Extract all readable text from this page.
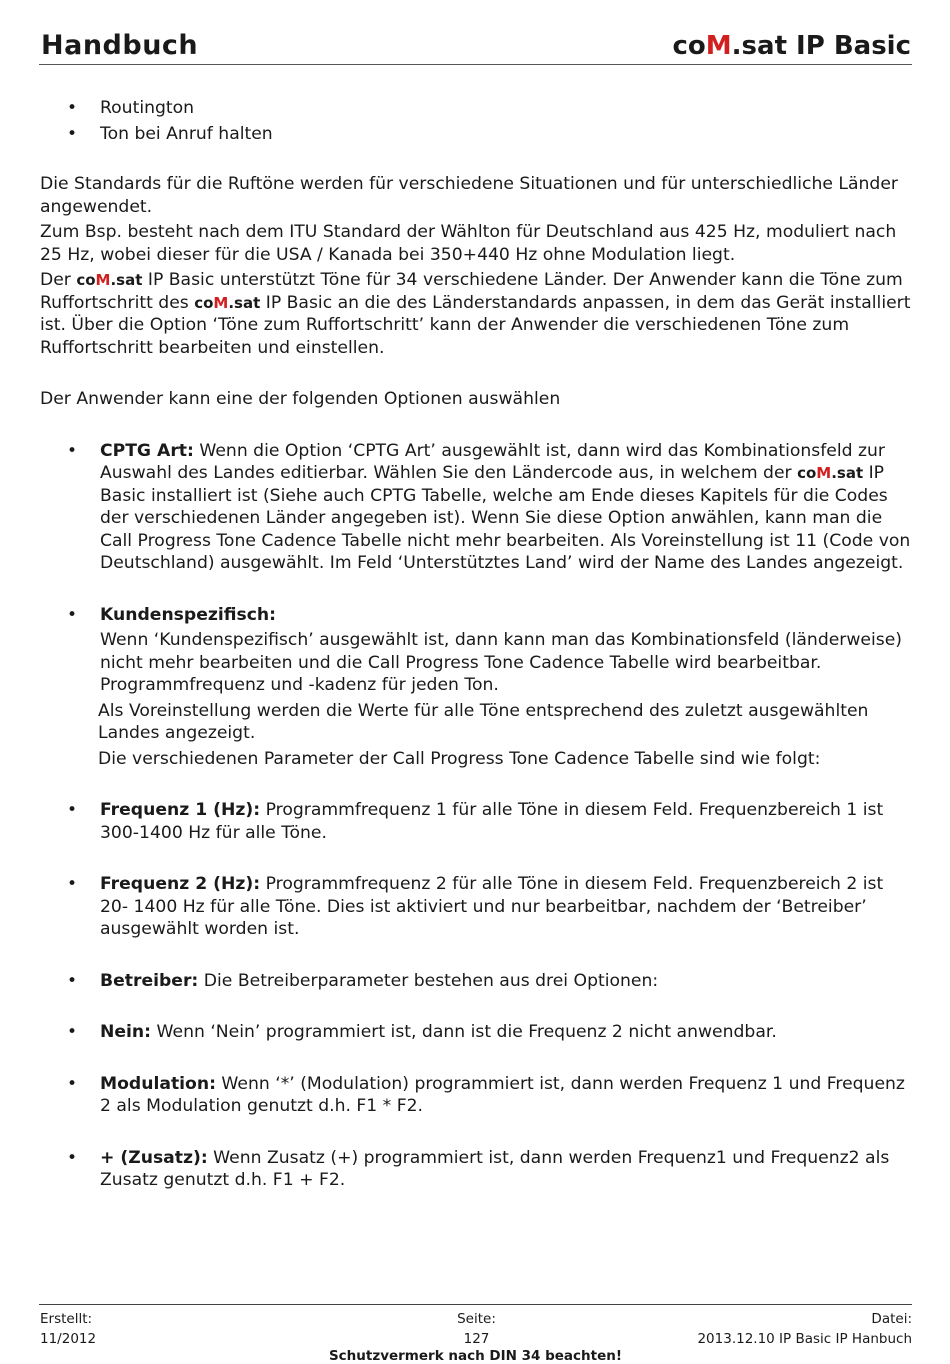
Handbuch	coM.sat IP Basic
• Routington
• Ton bei Anruf halten

Die Standards für die Ruftöne werden für verschiedene Situationen und für unterschiedliche Länder angewendet.

Zum Bsp. besteht nach dem ITU Standard der Wählton für Deutschland aus 425 Hz, moduliert nach 25 Hz, wobei dieser für die USA / Kanada bei 350+440 Hz ohne Modulation liegt.

Der coM.sat IP Basic unterstützt Töne für 34 verschiedene Länder. Der Anwender kann die Töne zum Ruffortschritt des coM.sat IP Basic an die des Länderstandards anpassen, in dem das Gerät installiert ist. Über die Option ‘Töne zum Ruffortschritt’ kann der Anwender die verschiedenen Töne zum Ruffortschritt bearbeiten und einstellen.

Der Anwender kann eine der folgenden Optionen auswählen

• CPTG Art: Wenn die Option ‘CPTG Art’ ausgewählt ist, dann wird das Kombinationsfeld zur Auswahl des Landes editierbar. Wählen Sie den Ländercode aus, in welchem der coM.sat IP Basic installiert ist (Siehe auch CPTG Tabelle, welche am Ende dieses Kapitels für die Codes der verschiedenen Länder angegeben ist). Wenn Sie diese Option anwählen, kann man die Call Progress Tone Cadence Tabelle nicht mehr bearbeiten. Als Voreinstellung ist 11 (Code von Deutschland) ausgewählt. Im Feld ‘Unterstütztes Land’ wird der Name des Landes angezeigt.
• Kundenspezifisch:
Wenn ‘Kundenspezifisch’ ausgewählt ist, dann kann man das Kombinationsfeld (länderweise) nicht mehr bearbeiten und die Call Progress Tone Cadence Tabelle wird bearbeitbar. Programmfrequenz und -kadenz für jeden Ton.
Als Voreinstellung werden die Werte für alle Töne entsprechend des zuletzt ausgewählten Landes angezeigt.
Die verschiedenen Parameter der Call Progress Tone Cadence Tabelle sind wie folgt:
• Frequenz 1 (Hz): Programmfrequenz 1 für alle Töne in diesem Feld. Frequenzbereich 1 ist 300-1400 Hz für alle Töne.
• Frequenz 2 (Hz): Programmfrequenz 2 für alle Töne in diesem Feld. Frequenzbereich 2 ist 20- 1400 Hz für alle Töne. Dies ist aktiviert und nur bearbeitbar, nachdem der ‘Betreiber’ ausgewählt worden ist.
• Betreiber: Die Betreiberparameter bestehen aus drei Optionen:
• Nein: Wenn ‘Nein’ programmiert ist, dann ist die Frequenz 2 nicht anwendbar.
• Modulation: Wenn ‘*’ (Modulation) programmiert ist, dann werden Frequenz 1 und Frequenz 2 als Modulation genutzt d.h. F1 * F2.
• + (Zusatz): Wenn Zusatz (+) programmiert ist, dann werden Frequenz1 und Frequenz2 als Zusatz genutzt d.h. F1 + F2.
Erstellt:
11/2012
Seite:
127
Datei:
2013.12.10 IP Basic IP Hanbuch
Schutzvermerk nach DIN 34 beachten!
